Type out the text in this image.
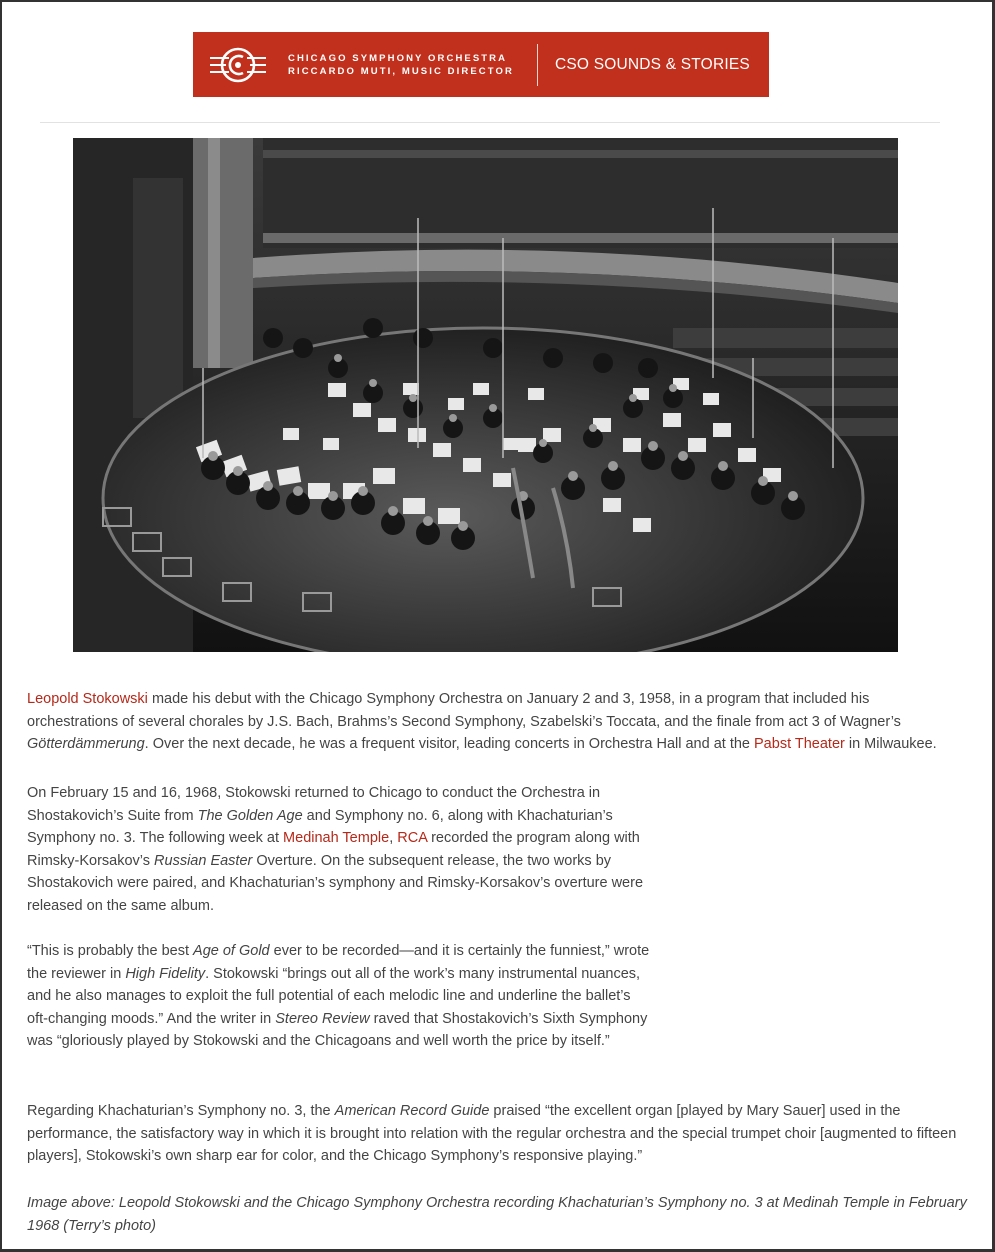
CHICAGO SYMPHONY ORCHESTRA
RICCARDO MUTI, MUSIC DIRECTOR	CSO SOUNDS & STORIES

Leopold Stokowski made his debut with the Chicago Symphony Orchestra on January 2 and 3, 1958, in a program that included his orchestrations of several chorales by J.S. Bach, Brahms’s Second Symphony, Szabelski’s Toccata, and the finale from act 3 of Wagner’s Götterdämmerung. Over the next decade, he was a frequent visitor, leading concerts in Orchestra Hall and at the Pabst Theater in Milwaukee.

On February 15 and 16, 1968, Stokowski returned to Chicago to conduct the Orchestra in Shostakovich’s Suite from The Golden Age and Symphony no. 6, along with Khachaturian’s Symphony no. 3. The following week at Medinah Temple, RCA recorded the program along with Rimsky-Korsakov’s Russian Easter Overture. On the subsequent release, the two works by Shostakovich were paired, and Khachaturian’s symphony and Rimsky-Korsakov’s overture were released on the same album.

“This is probably the best Age of Gold ever to be recorded—and it is certainly the funniest,” wrote the reviewer in High Fidelity. Stokowski “brings out all of the work’s many instrumental nuances, and he also manages to exploit the full potential of each melodic line and underline the ballet’s oft-changing moods.” And the writer in Stereo Review raved that Shostakovich’s Sixth Symphony was “gloriously played by Stokowski and the Chicagoans and well worth the price by itself.”

Regarding Khachaturian’s Symphony no. 3, the American Record Guide praised “the excellent organ [played by Mary Sauer] used in the performance, the satisfactory way in which it is brought into relation with the regular orchestra and the special trumpet choir [augmented to fifteen players], Stokowski’s own sharp ear for color, and the Chicago Symphony’s responsive playing.”

Image above: Leopold Stokowski and the Chicago Symphony Orchestra recording Khachaturian’s Symphony no. 3 at Medinah Temple in February 1968 (Terry’s photo)
